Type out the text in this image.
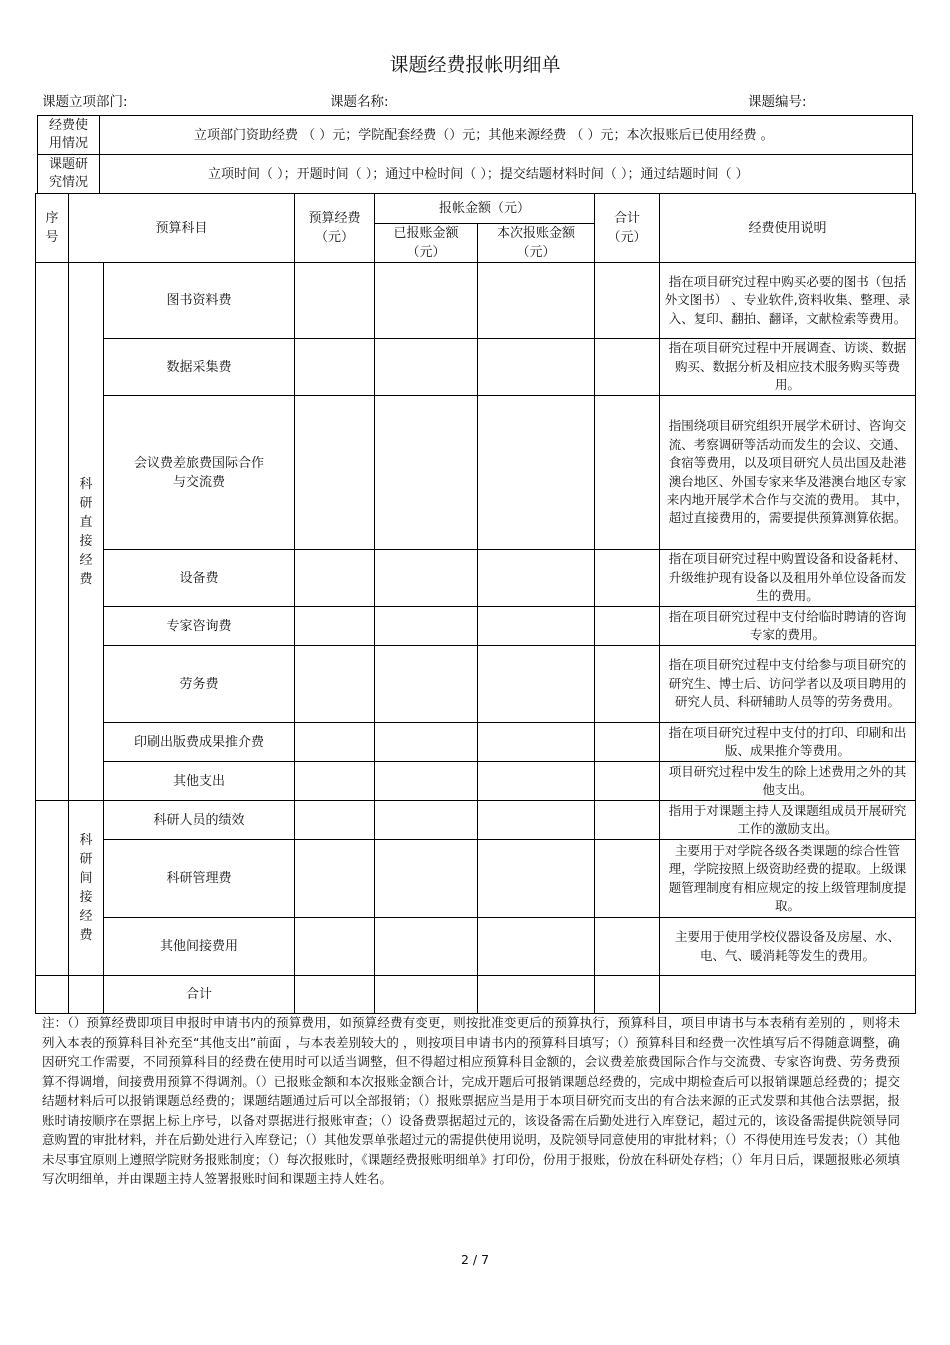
课题经费报帐明细单
课题立项部门:	课题名称:	课题编号:
经费使用情况	立项部门资助经费 （ ）元；学院配套经费（）元；其他来源经费 （ ）元；本次报账后已使用经费 。

课题研究情况	立项时间（ ）；开题时间（ ）；通过中检时间（ ）；提交结题材料时间（ ）；通过结题时间（ ）
序号	预算科目		预算经费（元）	报帐金额（元）		合计（元）	经费使用说明

				已报账金额（元）	本次报账金额（元）		

	科研直接经费	图书资料费					指在项目研究过程中购买必要的图书（包括外文图书） 、专业软件,资料收集、整理、录入、复印、翻拍、翻译，文献检索等费用。
		数据采集费					指在项目研究过程中开展调查、访谈、数据购买、数据分析及相应技术服务购买等费用。

		会议费差旅费国际合作与交流费					指围绕项目研究组织开展学术研讨、咨询交流、考察调研等活动而发生的会议、交通、食宿等费用，以及项目研究人员出国及赴港澳台地区、外国专家来华及港澳台地区专家来内地开展学术合作与交流的费用。 其中，超过直接费用的，需要提供预算测算依据。
		设备费					指在项目研究过程中购置设备和设备耗材、升级维护现有设备以及租用外单位设备而发生的费用。
		专家咨询费					指在项目研究过程中支付给临时聘请的咨询专家的费用。
		劳务费					指在项目研究过程中支付给参与项目研究的研究生、博士后、访问学者以及项目聘用的研究人员、科研辅助人员等的劳务费用。
		印刷出版费成果推介费					指在项目研究过程中支付的打印、印刷和出版、成果推介等费用。
		其他支出					项目研究过程中发生的除上述费用之外的其他支出。
	科研间接经费	科研人员的绩效					指用于对课题主持人及课题组成员开展研究工作的激励支出。
		科研管理费					主要用于对学院各级各类课题的综合性管理，学院按照上级资助经费的提取。上级课题管理制度有相应规定的按上级管理制度提取。
		其他间接费用					主要用于使用学校仪器设备及房屋、水、电、气、暖消耗等发生的费用。
		合计					
注：（）预算经费即项目申报时申请书内的预算费用，如预算经费有变更，则按批准变更后的预算执行，预算科目，项目申请书与本表稍有差别的 ，则将未列入本表的预算科目补充至“其他支出”前面 ，与本表差别较大的 ，则按项目申请书内的预算科目填写；（）预算科目和经费一次性填写后不得随意调整，确因研究工作需要，不同预算科目的经费在使用时可以适当调整，但不得超过相应预算科目金额的，会议费差旅费国际合作与交流费、专家咨询费、劳务费预算不得调增，间接费用预算不得调剂。（）已报账金额和本次报账金额合计，完成开题后可报销课题总经费的，完成中期检查后可以报销课题总经费的；提交结题材料后可以报销课题总经费的；课题结题通过后可以全部报销；（）报账票据应当是用于本项目研究而支出的有合法来源的正式发票和其他合法票据，报账时请按顺序在票据上标上序号，以备对票据进行报账审查；（）设备费票据超过元的，该设备需在后勤处进行入库登记，超过元的，该设备需提供院领导同意购置的审批材料，并在后勤处进行入库登记；（）其他发票单张超过元的需提供使用说明，及院领导同意使用的审批材料；（）不得使用连号发表；（）其他未尽事宜原则上遵照学院财务报账制度；（）每次报账时，《课题经费报账明细单》打印份，份用于报账，份放在科研处存档；（）年月日后，课题报账必须填写次明细单，并由课题主持人签署报账时间和课题主持人姓名。
2 / 7
